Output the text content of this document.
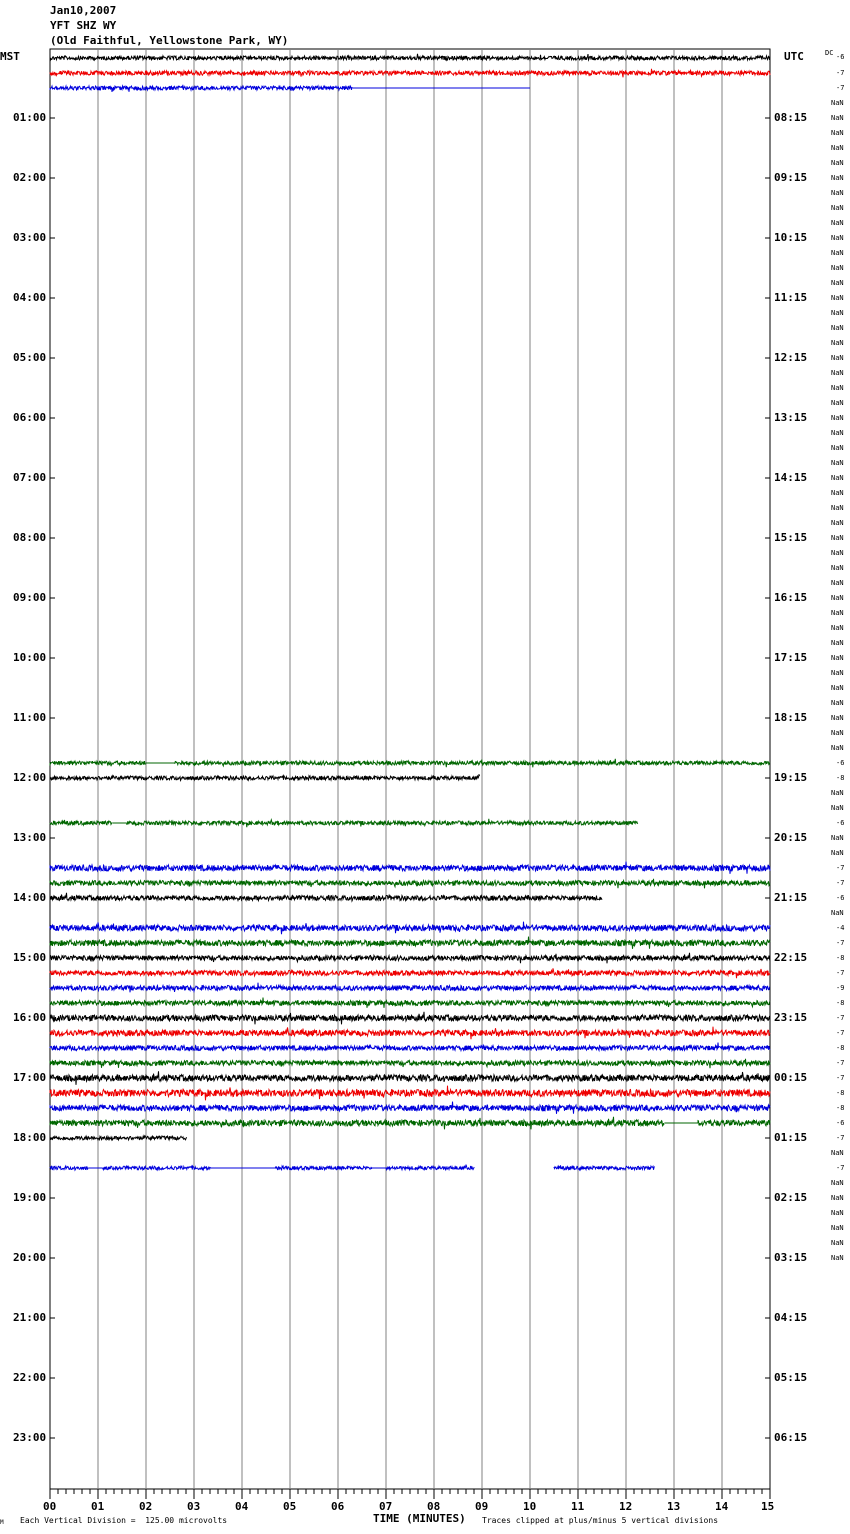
Jan10,2007
YFT SHZ WY
(Old Faithful, Yellowstone Park, WY)
MST	UTC	DC
01:00
02:00
03:00
04:00
05:00
06:00
07:00
08:00
09:00
10:00
11:00
12:00
13:00
14:00
15:00
16:00
17:00
18:00
19:00
20:00
21:00
22:00
23:00
08:15
09:15
10:15
11:15
12:15
13:15
14:15
15:15
16:15
17:15
18:15
19:15
20:15
21:15
22:15
23:15
00:15
01:15
02:15
03:15
04:15
05:15
06:15
-6
-7
-7
NaN
NaN
NaN
NaN
NaN
NaN
NaN
NaN
NaN
NaN
NaN
NaN
NaN
NaN
NaN
NaN
NaN
NaN
NaN
NaN
NaN
NaN
NaN
NaN
NaN
NaN
NaN
NaN
NaN
NaN
NaN
NaN
NaN
NaN
NaN
NaN
NaN
NaN
NaN
NaN
NaN
NaN
NaN
NaN
-6
-8
NaN
NaN
-6
NaN
NaN
-7
-7
-6
NaN
-4
-7
-8
-7
-9
-8
-7
-7
-8
-7
-7
-8
-8
-6
-7
NaN
-7
NaN
NaN
NaN
NaN
NaN
NaN
00	01	02	03	04	05	06	07	08	09	10	11	12	13	14	15
M Each Vertical Division =  125.00 microvolts	TIME (MINUTES) Traces clipped at plus/minus 5 vertical divisions
